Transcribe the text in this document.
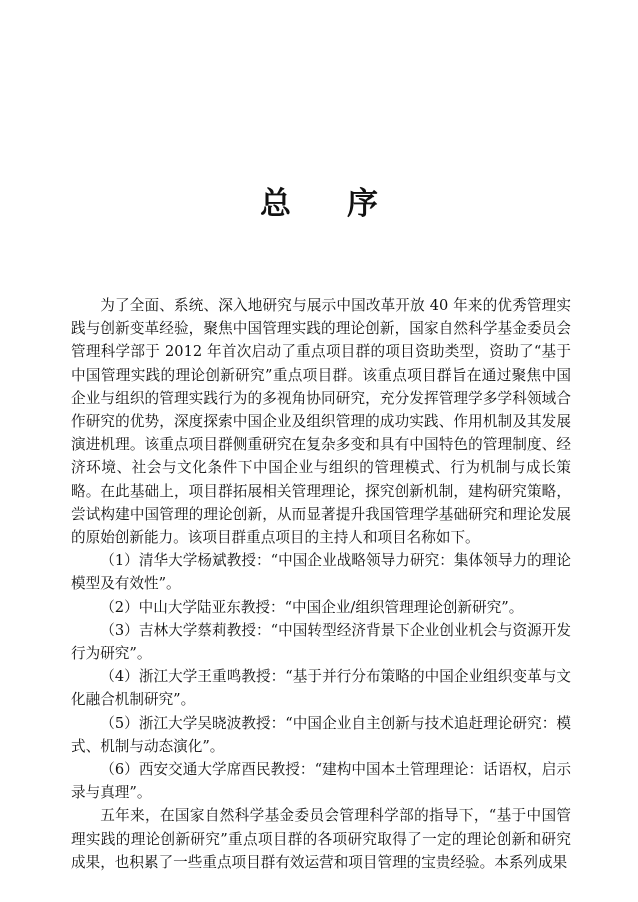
总 序

为了全面、系统、深入地研究与展示中国改革开放 40 年来的优秀管理实践与创新变革经验，聚焦中国管理实践的理论创新，国家自然科学基金委员会管理科学部于 2012 年首次启动了重点项目群的项目资助类型，资助了“基于中国管理实践的理论创新研究”重点项目群。该重点项目群旨在通过聚焦中国企业与组织的管理实践行为的多视角协同研究，充分发挥管理学多学科领域合作研究的优势，深度探索中国企业及组织管理的成功实践、作用机制及其发展演进机理。该重点项目群侧重研究在复杂多变和具有中国特色的管理制度、经济环境、社会与文化条件下中国企业与组织的管理模式、行为机制与成长策略。在此基础上，项目群拓展相关管理理论，探究创新机制，建构研究策略，尝试构建中国管理的理论创新，从而显著提升我国管理学基础研究和理论发展的原始创新能力。该项目群重点项目的主持人和项目名称如下。

（1）清华大学杨斌教授：“中国企业战略领导力研究：集体领导力的理论模型及有效性”。

（2）中山大学陆亚东教授：“中国企业/组织管理理论创新研究”。

（3）吉林大学蔡莉教授：“中国转型经济背景下企业创业机会与资源开发行为研究”。

（4）浙江大学王重鸣教授：“基于并行分布策略的中国企业组织变革与文化融合机制研究”。

（5）浙江大学吴晓波教授：“中国企业自主创新与技术追赶理论研究：模式、机制与动态演化”。

（6）西安交通大学席酉民教授：“建构中国本土管理理论：话语权，启示录与真理”。

五年来，在国家自然科学基金委员会管理科学部的指导下，“基于中国管理实践的理论创新研究”重点项目群的各项研究取得了一定的理论创新和研究成果，也积累了一些重点项目群有效运营和项目管理的宝贵经验。本系列成果
